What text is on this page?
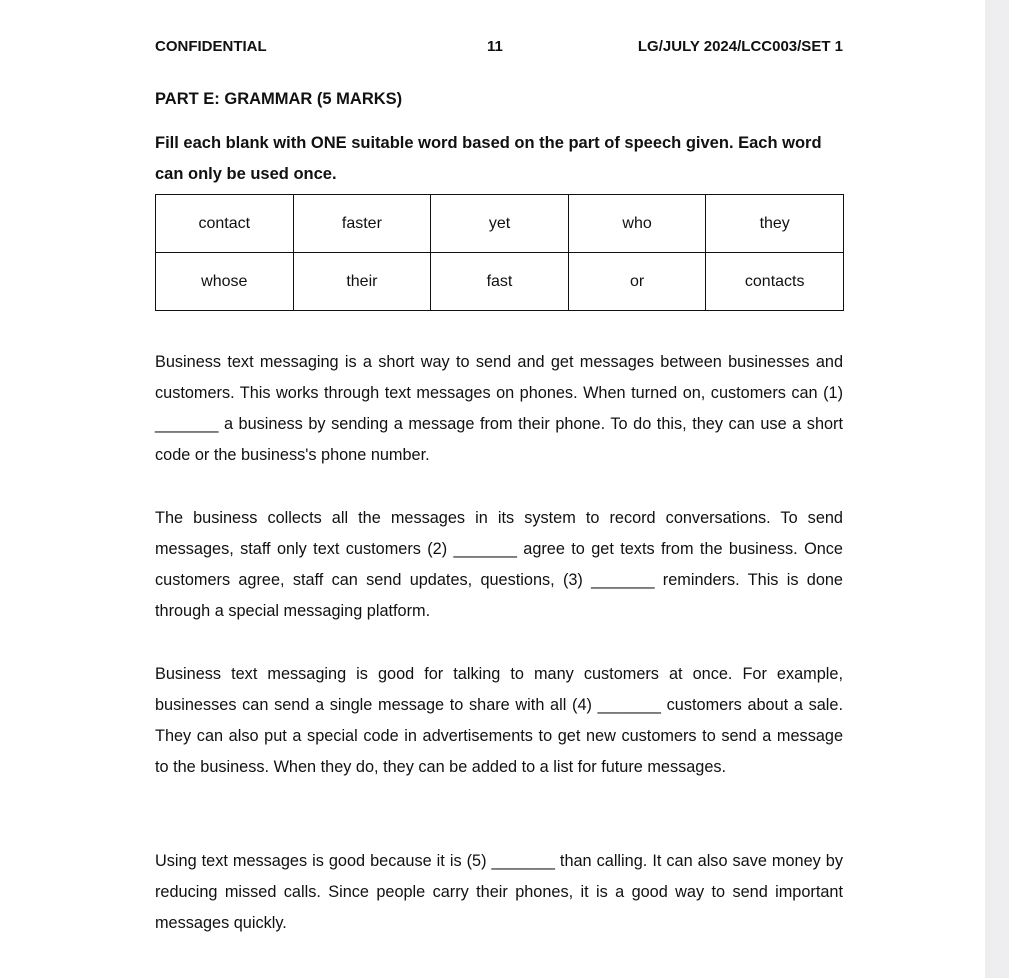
CONFIDENTIAL	11	LG/JULY 2024/LCC003/SET 1
PART E: GRAMMAR (5 MARKS)
Fill each blank with ONE suitable word based on the part of speech given. Each word can only be used once.
contact	faster	yet	who	they
whose	their	fast	or	contacts

Business text messaging is a short way to send and get messages between businesses and customers. This works through text messages on phones. When turned on, customers can (1) _______ a business by sending a message from their phone. To do this, they can use a short code or the business's phone number.

The business collects all the messages in its system to record conversations. To send messages, staff only text customers (2) _______ agree to get texts from the business. Once customers agree, staff can send updates, questions, (3) _______ reminders. This is done through a special messaging platform.

Business text messaging is good for talking to many customers at once. For example, businesses can send a single message to share with all (4) _______ customers about a sale. They can also put a special code in advertisements to get new customers to send a message to the business. When they do, they can be added to a list for future messages.

Using text messages is good because it is (5) _______ than calling. It can also save money by reducing missed calls. Since people carry their phones, it is a good way to send important messages quickly.
